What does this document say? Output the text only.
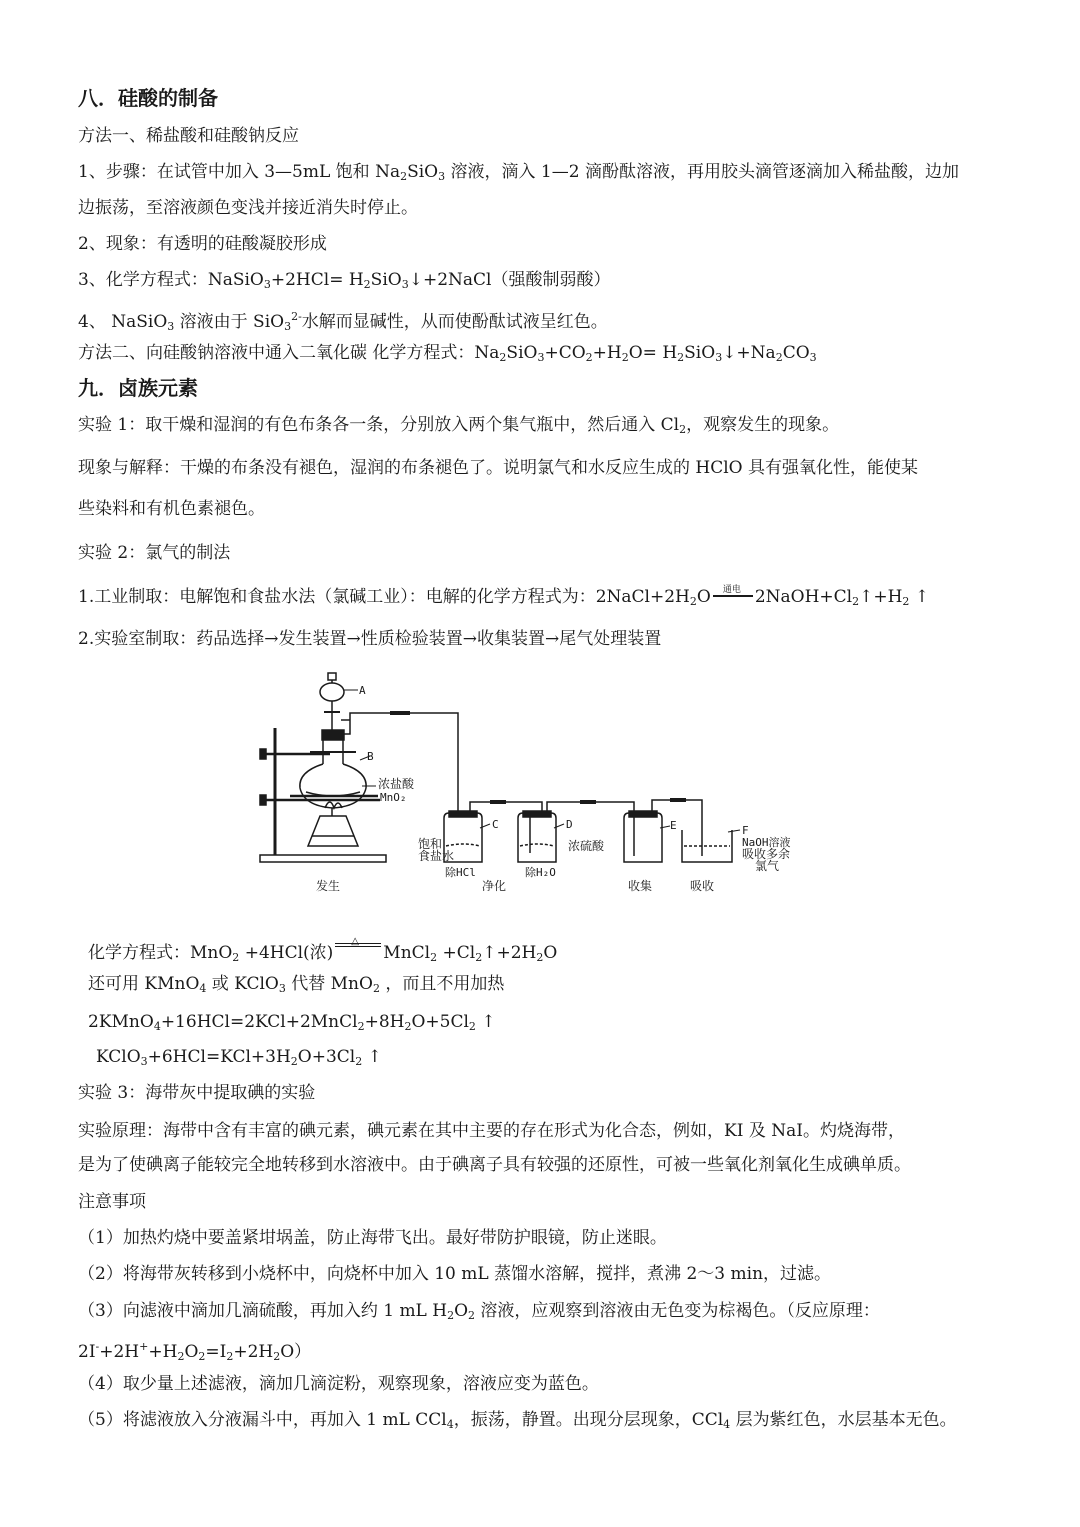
八．硅酸的制备
方法一、稀盐酸和硅酸钠反应
1、步骤：在试管中加入 3—5mL 饱和 Na2SiO3 溶液，滴入 1—2 滴酚酞溶液，再用胶头滴管逐滴加入稀盐酸，边加
边振荡，至溶液颜色变浅并接近消失时停止。
2、现象：有透明的硅酸凝胶形成
3、化学方程式：NaSiO3+2HCl= H2SiO3↓+2NaCl（强酸制弱酸）
4、 NaSiO3 溶液由于 $SiO3^{2-}$水解而显碱性，从而使酚酞试液呈红色。
方法二、向硅酸钠溶液中通入二氧化碳 化学方程式：Na2SiO3+CO2+H2O= H2SiO3↓+Na2CO3
九．卤族元素
实验 1：取干燥和湿润的有色布条各一条，分别放入两个集气瓶中，然后通入 Cl2，观察发生的现象。
现象与解释：干燥的布条没有褪色，湿润的布条褪色了。说明氯气和水反应生成的 HClO 具有强氧化性，能使某
些染料和有机色素褪色。
实验 2：氯气的制法
1.工业制取：电解饱和食盐水法（氯碱工业）：电解的化学方程式为：2NaCl+2H2O 通电 2NaOH+Cl2↑+H2 ↑
2.实验室制取：药品选择→发生装置→性质检验装置→收集装置→尾气处理装置
A
B
浓盐酸
MnO₂
C
饱和
食盐水
D
浓硫酸
E	F
NaOH溶液
吸收多余
氯气
除HCl	除H₂O
发生	净化	收集	吸收
化学方程式：MnO2 +4HCl(浓)
△
MnCl2 +Cl2↑+2H2O
还可用 KMnO4 或 KClO3 代替 MnO2 ，而且不用加热
2KMnO4+16HCl=2KCl+2MnCl2+8H2O+5Cl2 ↑
KClO3+6HCl=KCl+3H2O+3Cl2 ↑
实验 3：海带灰中提取碘的实验
实验原理：海带中含有丰富的碘元素，碘元素在其中主要的存在形式为化合态，例如，KI 及 NaI。灼烧海带，
是为了使碘离子能较完全地转移到水溶液中。由于碘离子具有较强的还原性，可被一些氧化剂氧化生成碘单质。
注意事项
（1）加热灼烧中要盖紧坩埚盖，防止海带飞出。最好带防护眼镜，防止迷眼。
（2）将海带灰转移到小烧杯中，向烧杯中加入 10 mL 蒸馏水溶解，搅拌，煮沸 2～3 min，过滤。
（3）向滤液中滴加几滴硫酸，再加入约 1 mL H2O2 溶液，应观察到溶液由无色变为棕褐色。（反应原理：
2I-+2H++H2O2=I2+2H2O）
（4）取少量上述滤液，滴加几滴淀粉，观察现象，溶液应变为蓝色。
（5）将滤液放入分液漏斗中，再加入 1 mL CCl4，振荡，静置。出现分层现象，CCl4 层为紫红色，水层基本无色。
